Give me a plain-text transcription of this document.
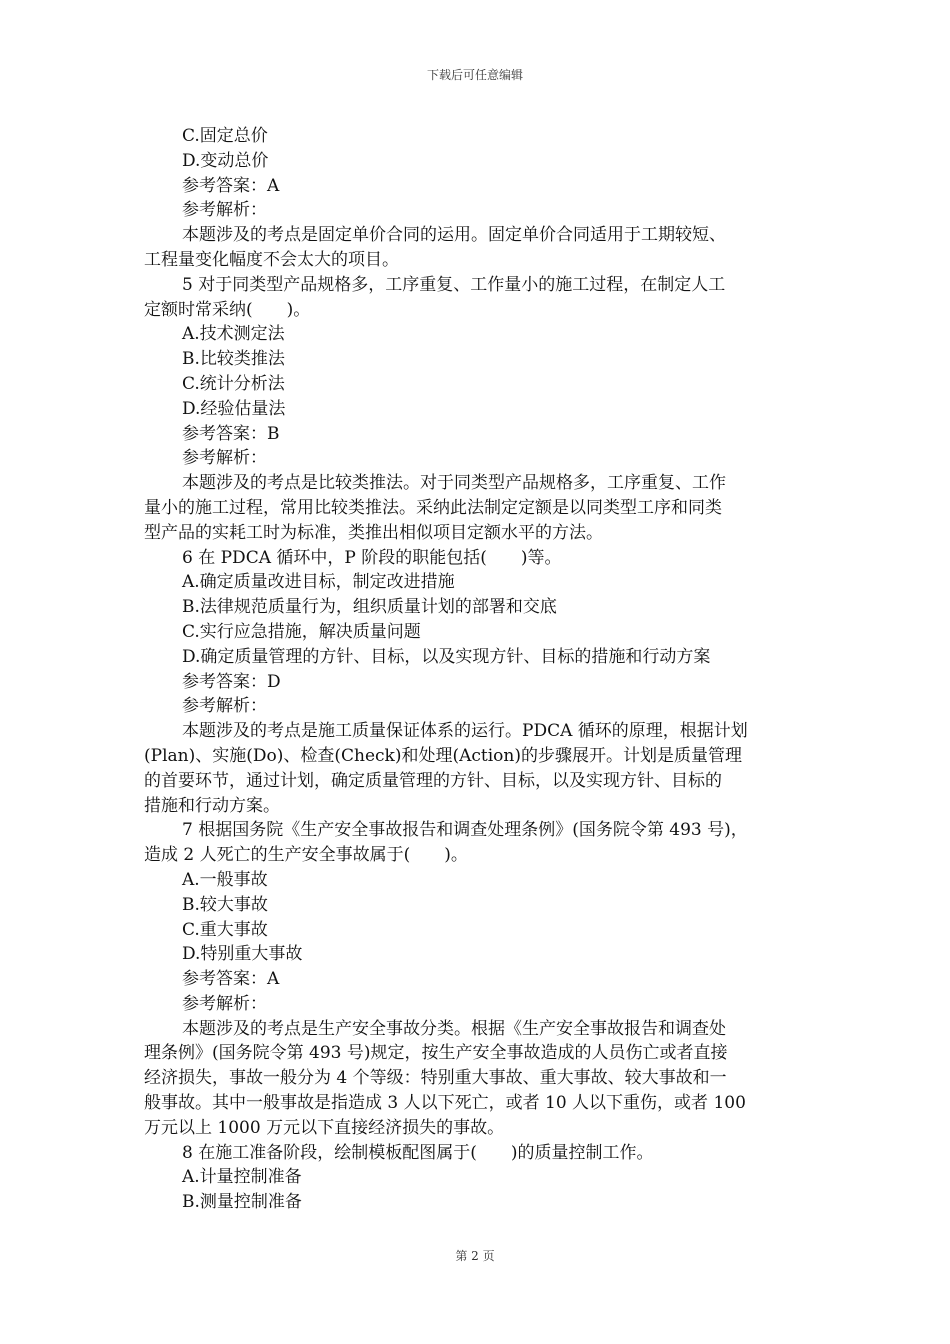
下载后可任意编辑
C.固定总价
D.变动总价
参考答案：A
参考解析：
本题涉及的考点是固定单价合同的运用。固定单价合同适用于工期较短、
工程量变化幅度不会太大的项目。
5 对于同类型产品规格多，工序重复、工作量小的施工过程，在制定人工
定额时常采纳(　　)。
A.技术测定法
B.比较类推法
C.统计分析法
D.经验估量法
参考答案：B
参考解析：
本题涉及的考点是比较类推法。对于同类型产品规格多，工序重复、工作
量小的施工过程，常用比较类推法。采纳此法制定定额是以同类型工序和同类
型产品的实耗工时为标准，类推出相似项目定额水平的方法。
6 在 PDCA 循环中，P 阶段的职能包括(　　)等。
A.确定质量改进目标，制定改进措施
B.法律规范质量行为，组织质量计划的部署和交底
C.实行应急措施，解决质量问题
D.确定质量管理的方针、目标，以及实现方针、目标的措施和行动方案
参考答案：D
参考解析：
本题涉及的考点是施工质量保证体系的运行。PDCA 循环的原理，根据计划
(Plan)、实施(Do)、检查(Check)和处理(Action)的步骤展开。计划是质量管理
的首要环节，通过计划，确定质量管理的方针、目标，以及实现方针、目标的
措施和行动方案。
7 根据国务院《生产安全事故报告和调查处理条例》(国务院令第 493 号)，
造成 2 人死亡的生产安全事故属于(　　)。
A.一般事故
B.较大事故
C.重大事故
D.特别重大事故
参考答案：A
参考解析：
本题涉及的考点是生产安全事故分类。根据《生产安全事故报告和调查处
理条例》(国务院令第 493 号)规定，按生产安全事故造成的人员伤亡或者直接
经济损失，事故一般分为 4 个等级：特别重大事故、重大事故、较大事故和一
般事故。其中一般事故是指造成 3 人以下死亡，或者 10 人以下重伤，或者 100
万元以上 1000 万元以下直接经济损失的事故。
8 在施工准备阶段，绘制模板配图属于(　　)的质量控制工作。
A.计量控制准备
B.测量控制准备
第 2 页
